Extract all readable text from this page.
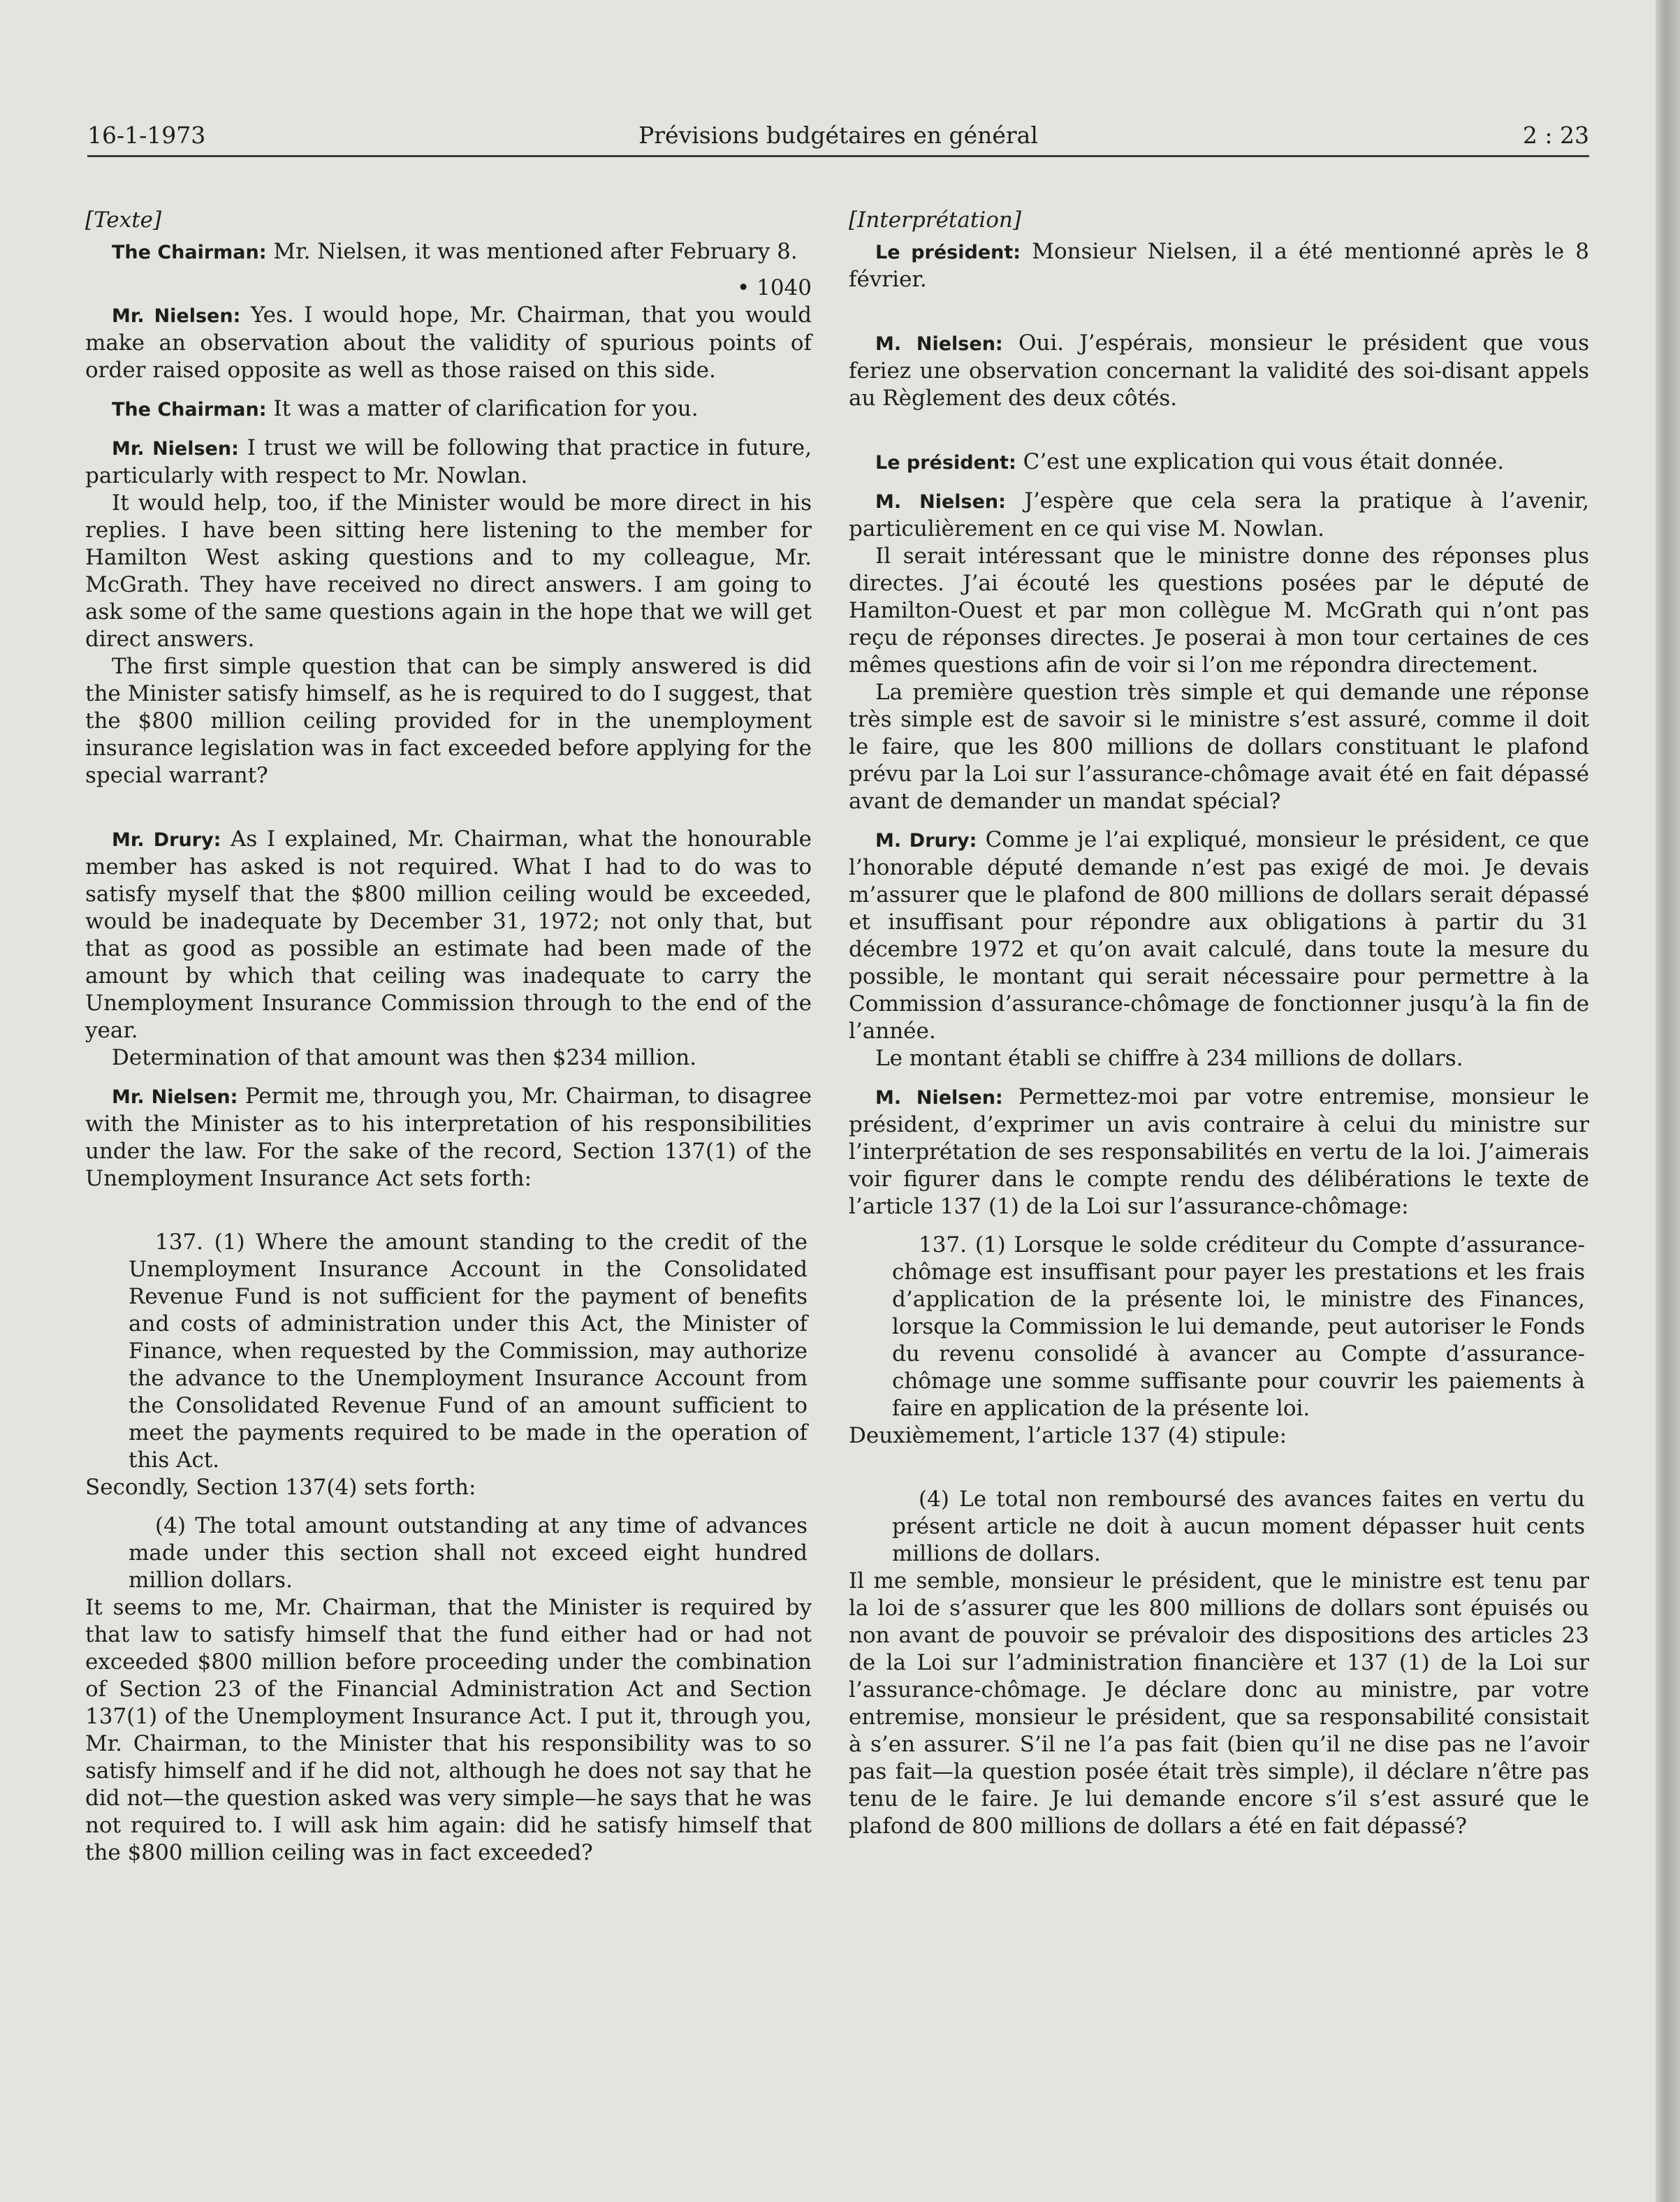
Prévisions budgétaires en général
16-1-1973	2 : 23

[Texte]

The Chairman: Mr. Nielsen, it was mentioned after February 8.

• 1040

Mr. Nielsen: Yes. I would hope, Mr. Chairman, that you would make an observation about the validity of spurious points of order raised opposite as well as those raised on this side.

The Chairman: It was a matter of clarification for you.

Mr. Nielsen: I trust we will be following that practice in future, particularly with respect to Mr. Nowlan.

It would help, too, if the Minister would be more direct in his replies. I have been sitting here listening to the member for Hamilton West asking questions and to my colleague, Mr. McGrath. They have received no direct answers. I am going to ask some of the same questions again in the hope that we will get direct answers.

The first simple question that can be simply answered is did the Minister satisfy himself, as he is required to do I suggest, that the $800 million ceiling provided for in the unemployment insurance legislation was in fact exceeded before applying for the special warrant?

Mr. Drury: As I explained, Mr. Chairman, what the honourable member has asked is not required. What I had to do was to satisfy myself that the $800 million ceiling would be exceeded, would be inadequate by December 31, 1972; not only that, but that as good as possible an estimate had been made of the amount by which that ceiling was inadequate to carry the Unemployment Insurance Commission through to the end of the year.

Determination of that amount was then $234 million.

Mr. Nielsen: Permit me, through you, Mr. Chairman, to disagree with the Minister as to his interpretation of his responsibilities under the law. For the sake of the record, Section 137(1) of the Unemployment Insurance Act sets forth:

137. (1) Where the amount standing to the credit of the Unemployment Insurance Account in the Consolidated Revenue Fund is not sufficient for the payment of benefits and costs of administration under this Act, the Minister of Finance, when requested by the Commission, may authorize the advance to the Unemployment Insurance Account from the Consolidated Revenue Fund of an amount sufficient to meet the payments required to be made in the operation of this Act.

Secondly, Section 137(4) sets forth:

(4) The total amount outstanding at any time of advances made under this section shall not exceed eight hundred million dollars.

It seems to me, Mr. Chairman, that the Minister is required by that law to satisfy himself that the fund either had or had not exceeded $800 million before proceeding under the combination of Section 23 of the Financial Administration Act and Section 137(1) of the Unemployment Insurance Act. I put it, through you, Mr. Chairman, to the Minister that his responsibility was to so satisfy himself and if he did not, although he does not say that he did not—the question asked was very simple—he says that he was not required to. I will ask him again: did he satisfy himself that the $800 million ceiling was in fact exceeded?

[Interprétation]

Le président: Monsieur Nielsen, il a été mentionné après le 8 février.

M. Nielsen: Oui. J’espérais, monsieur le président que vous feriez une observation concernant la validité des soi-disant appels au Règlement des deux côtés.

Le président: C’est une explication qui vous était donnée.

M. Nielsen: J’espère que cela sera la pratique à l’avenir, particulièrement en ce qui vise M. Nowlan.

Il serait intéressant que le ministre donne des réponses plus directes. J’ai écouté les questions posées par le député de Hamilton-Ouest et par mon collègue M. McGrath qui n’ont pas reçu de réponses directes. Je poserai à mon tour certaines de ces mêmes questions afin de voir si l’on me répondra directement.

La première question très simple et qui demande une réponse très simple est de savoir si le ministre s’est assuré, comme il doit le faire, que les 800 millions de dollars constituant le plafond prévu par la Loi sur l’assurance-chômage avait été en fait dépassé avant de demander un mandat spécial?

M. Drury: Comme je l’ai expliqué, monsieur le président, ce que l’honorable député demande n’est pas exigé de moi. Je devais m’assurer que le plafond de 800 millions de dollars serait dépassé et insuffisant pour répondre aux obligations à partir du 31 décembre 1972 et qu’on avait calculé, dans toute la mesure du possible, le montant qui serait nécessaire pour permettre à la Commission d’assurance-chômage de fonctionner jusqu’à la fin de l’année.

Le montant établi se chiffre à 234 millions de dollars.

M. Nielsen: Permettez-moi par votre entremise, monsieur le président, d’exprimer un avis contraire à celui du ministre sur l’interprétation de ses responsabilités en vertu de la loi. J’aimerais voir figurer dans le compte rendu des délibérations le texte de l’article 137 (1) de la Loi sur l’assurance-chômage:

137. (1) Lorsque le solde créditeur du Compte d’assurance-chômage est insuffisant pour payer les prestations et les frais d’application de la présente loi, le ministre des Finances, lorsque la Commission le lui demande, peut autoriser le Fonds du revenu consolidé à avancer au Compte d’assurance-chômage une somme suffisante pour couvrir les paiements à faire en application de la présente loi.

Deuxièmement, l’article 137 (4) stipule:

(4) Le total non remboursé des avances faites en vertu du présent article ne doit à aucun moment dépasser huit cents millions de dollars.

Il me semble, monsieur le président, que le ministre est tenu par la loi de s’assurer que les 800 millions de dollars sont épuisés ou non avant de pouvoir se prévaloir des dispositions des articles 23 de la Loi sur l’administration financière et 137 (1) de la Loi sur l’assurance-chômage. Je déclare donc au ministre, par votre entremise, monsieur le président, que sa responsabilité consistait à s’en assurer. S’il ne l’a pas fait (bien qu’il ne dise pas ne l’avoir pas fait—la question posée était très simple), il déclare n’être pas tenu de le faire. Je lui demande encore s’il s’est assuré que le plafond de 800 millions de dollars a été en fait dépassé?
